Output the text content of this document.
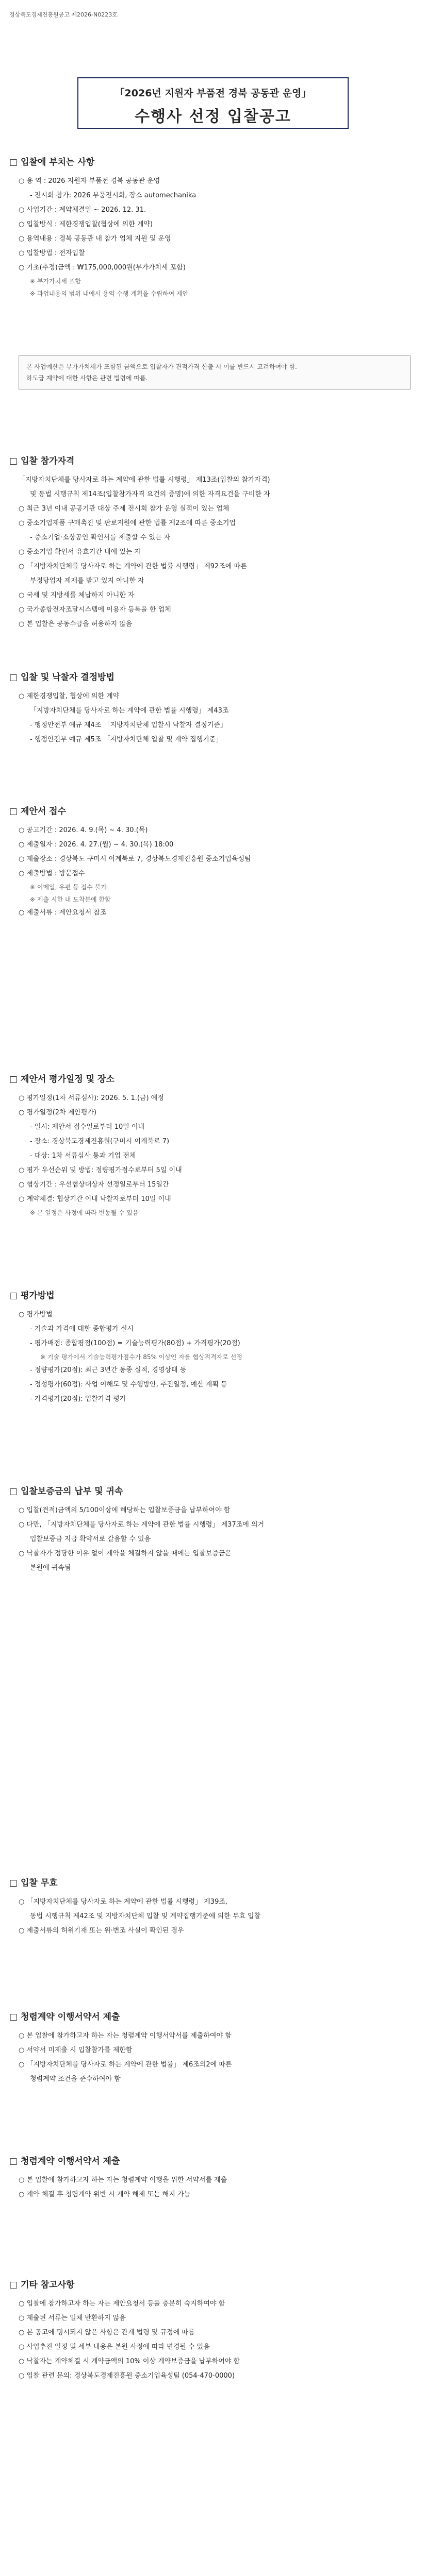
경상북도경제진흥원공고 제2026-N0223호
「2026년 지원자 부품전 경북 공동관 운영」
수행사 선정 입찰공고
□ 입찰에 부치는 사항
○ 용 역 : 2026 지원자 부품전 경북 공동관 운영
- 전시회 참가: 2026 부품전시회, 장소 automechanika
○ 사업기간 : 계약체결일 ~ 2026. 12. 31.
○ 입찰방식 : 제한경쟁입찰(협상에 의한 계약)
○ 용역내용 : 경북 공동관 내 참가 업체 지원 및 운영
○ 입찰방법 : 전자입찰
○ 기초(추정)금액 : ₩175,000,000원(부가가치세 포함)
※ 부가가치세 포함
※ 과업내용의 범위 내에서 용역 수행 계획을 수립하여 제안
본 사업예산은 부가가치세가 포함된 금액으로 입찰자가 견적가격 산출 시 이를 반드시 고려하여야 함.
하도급 계약에 대한 사항은 관련 법령에 따름.
□ 입찰 참가자격
「지방자치단체를 당사자로 하는 계약에 관한 법률 시행령」 제13조(입찰의 참가자격)
및 동법 시행규칙 제14조(입찰참가자격 요건의 증명)에 의한 자격요건을 구비한 자
○ 최근 3년 이내 공공기관 대상 주제 전시회 참가 운영 실적이 있는 업체
○ 중소기업제품 구매촉진 및 판로지원에 관한 법률 제2조에 따른 중소기업
- 중소기업·소상공인 확인서를 제출할 수 있는 자
○ 중소기업 확인서 유효기간 내에 있는 자
○ 「지방자치단체를 당사자로 하는 계약에 관한 법률 시행령」 제92조에 따른
부정당업자 제재를 받고 있지 아니한 자
○ 국세 및 지방세를 체납하지 아니한 자
○ 국가종합전자조달시스템에 이용자 등록을 한 업체
○ 본 입찰은 공동수급을 허용하지 않음
□ 입찰 및 낙찰자 결정방법
○ 제한경쟁입찰, 협상에 의한 계약
「지방자치단체를 당사자로 하는 계약에 관한 법률 시행령」 제43조
- 행정안전부 예규 제4조 「지방자치단체 입찰시 낙찰자 결정기준」
- 행정안전부 예규 제5조 「지방자치단체 입찰 및 계약 집행기준」
□ 제안서 접수
○ 공고기간 : 2026. 4. 9.(목) ~ 4. 30.(목)
○ 제출일자 : 2026. 4. 27.(월) ~ 4. 30.(목) 18:00
○ 제출장소 : 경상북도 구미시 이계북로 7, 경상북도경제진흥원 중소기업육성팀
○ 제출방법 : 방문접수
※ 이메일, 우편 등 접수 불가
※ 제출 시한 내 도착분에 한함
○ 제출서류 : 제안요청서 참조
□ 제안서 평가일정 및 장소
○ 평가일정(1차 서류심사): 2026. 5. 1.(금) 예정
○ 평가일정(2차 제안평가)
- 일시: 제안서 접수일로부터 10일 이내
- 장소: 경상북도경제진흥원(구미시 이계북로 7)
- 대상: 1차 서류심사 통과 기업 전체
○ 평가 우선순위 및 방법: 정량평가점수로부터 5일 이내
○ 협상기간 : 우선협상대상자 선정일로부터 15일간
○ 계약체결: 협상기간 이내 낙찰자로부터 10일 이내
※ 본 일정은 사정에 따라 변동될 수 있음
□ 평가방법
○ 평가방법
- 기술과 가격에 대한 종합평가 실시
- 평가배점: 종합평점(100점) = 기술능력평가(80점) + 가격평가(20점)
※ 기술 평가에서 기술능력평가점수가 85% 이상인 자를 협상적격자로 선정
- 정량평가(20점): 최근 3년간 동종 실적, 경영상태 등
- 정성평가(60점): 사업 이해도 및 수행방안, 추진일정, 예산 계획 등
- 가격평가(20점): 입찰가격 평가
□ 입찰보증금의 납부 및 귀속
○ 입찰(견적)금액의 5/100이상에 해당하는 입찰보증금을 납부하여야 함
○ 다만, 「지방자치단체를 당사자로 하는 계약에 관한 법률 시행령」 제37조에 의거
입찰보증금 지급 확약서로 갈음할 수 있음
○ 낙찰자가 정당한 이유 없이 계약을 체결하지 않을 때에는 입찰보증금은
본원에 귀속됨
□ 입찰 무효
○ 「지방자치단체를 당사자로 하는 계약에 관한 법률 시행령」 제39조,
동법 시행규칙 제42조 및 지방자치단체 입찰 및 계약집행기준에 의한 무효 입찰
○ 제출서류의 허위기재 또는 위·변조 사실이 확인된 경우
□ 청렴계약 이행서약서 제출
○ 본 입찰에 참가하고자 하는 자는 청렴계약 이행서약서를 제출하여야 함
○ 서약서 미제출 시 입찰참가를 제한함
○ 「지방자치단체를 당사자로 하는 계약에 관한 법률」 제6조의2에 따른
청렴계약 조건을 준수하여야 함
□ 청렴계약 이행서약서 제출
○ 본 입찰에 참가하고자 하는 자는 청렴계약 이행을 위한 서약서를 제출
○ 계약 체결 후 청렴계약 위반 시 계약 해제 또는 해지 가능
□ 기타 참고사항
○ 입찰에 참가하고자 하는 자는 제안요청서 등을 충분히 숙지하여야 함
○ 제출된 서류는 일체 반환하지 않음
○ 본 공고에 명시되지 않은 사항은 관계 법령 및 규정에 따름
○ 사업추진 일정 및 세부 내용은 본원 사정에 따라 변경될 수 있음
○ 낙찰자는 계약체결 시 계약금액의 10% 이상 계약보증금을 납부하여야 함
○ 입찰 관련 문의: 경상북도경제진흥원 중소기업육성팀 (054-470-0000)
